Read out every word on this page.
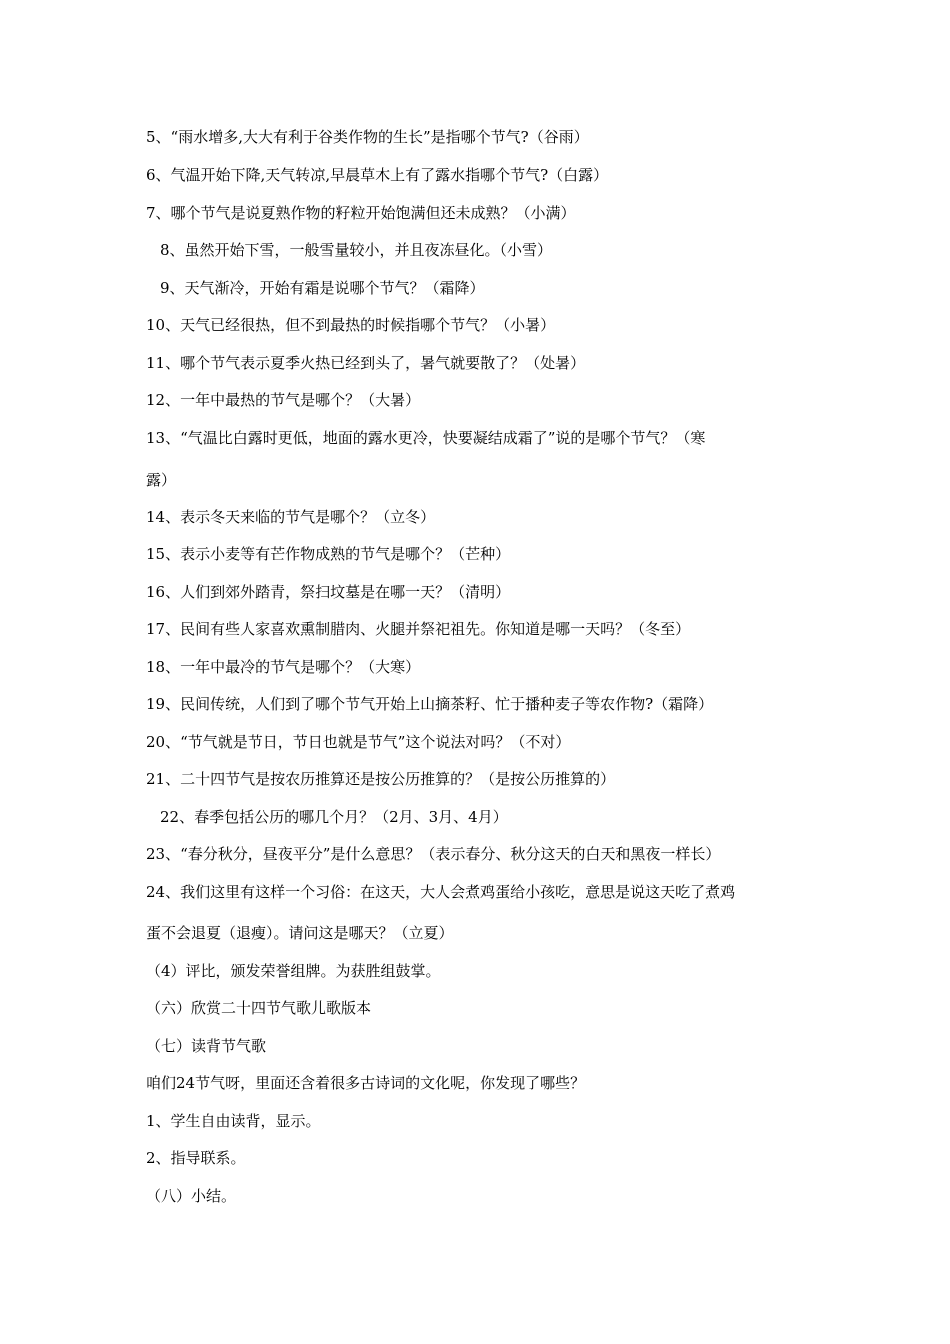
5、“雨水增多,大大有利于谷类作物的生长”是指哪个节气?（谷雨）
6、气温开始下降,天气转凉,早晨草木上有了露水指哪个节气?（白露）
7、哪个节气是说夏熟作物的籽粒开始饱满但还未成熟？（小满）
8、虽然开始下雪，一般雪量较小，并且夜冻昼化。（小雪）
9、天气渐冷，开始有霜是说哪个节气？（霜降）
10、天气已经很热，但不到最热的时候指哪个节气？（小暑）
11、哪个节气表示夏季火热已经到头了，暑气就要散了？（处暑）
12、一年中最热的节气是哪个？（大暑）
13、“气温比白露时更低，地面的露水更冷，快要凝结成霜了”说的是哪个节气？（寒
露）
14、表示冬天来临的节气是哪个？（立冬）
15、表示小麦等有芒作物成熟的节气是哪个？（芒种）
16、人们到郊外踏青，祭扫坟墓是在哪一天？（清明）
17、民间有些人家喜欢熏制腊肉、火腿并祭祀祖先。你知道是哪一天吗？（冬至）
18、一年中最冷的节气是哪个？（大寒）
19、民间传统，人们到了哪个节气开始上山摘茶籽、忙于播种麦子等农作物?（霜降）
20、“节气就是节日，节日也就是节气”这个说法对吗？（不对）
21、二十四节气是按农历推算还是按公历推算的？（是按公历推算的）
22、春季包括公历的哪几个月？（2月、3月、4月）
23、“春分秋分，昼夜平分”是什么意思？（表示春分、秋分这天的白天和黑夜一样长）
24、我们这里有这样一个习俗：在这天，大人会煮鸡蛋给小孩吃，意思是说这天吃了煮鸡
蛋不会退夏（退瘦）。请问这是哪天？（立夏）
（4）评比，颁发荣誉组牌。为获胜组鼓掌。
（六）欣赏二十四节气歌儿歌版本
（七）读背节气歌
咱们24节气呀，里面还含着很多古诗词的文化呢，你发现了哪些？
1、学生自由读背，显示。
2、指导联系。
（八）小结。
